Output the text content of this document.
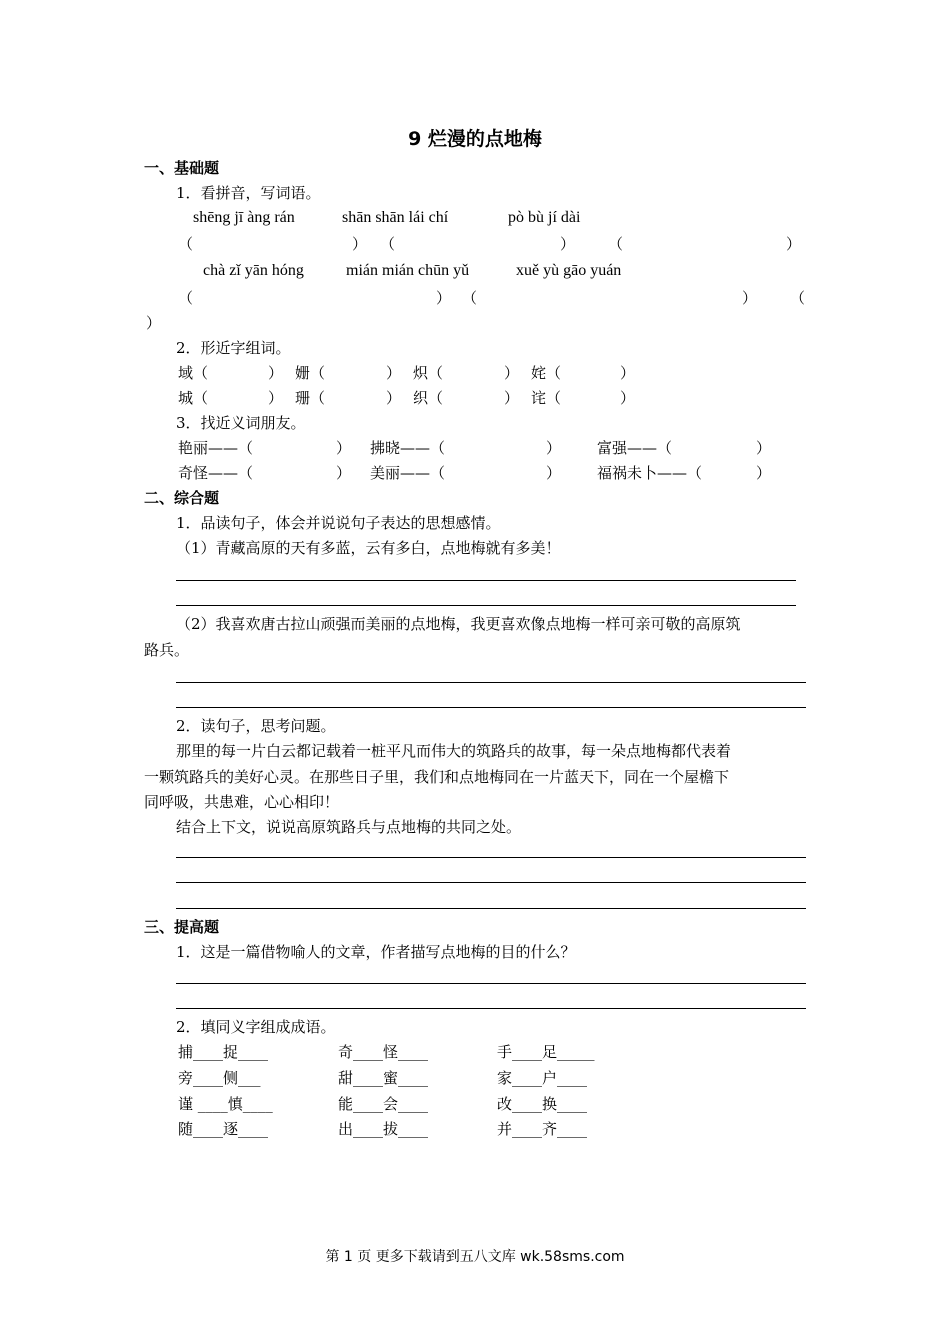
9 烂漫的点地梅
一、基础题
1．看拼音，写词语。
shēng jī àng rán	shān shān lái chí	pò bù jí dài
（	） （	） （	）
chà zǐ yān hóng	mián mián chūn yǔ	xuě yù gāo yuán
（	） （	） （
）
2．形近字组词。
域（	） 姗（	） 炽（	） 姹（	）
城（	） 珊（	） 织（	） 诧（	）
3．找近义词朋友。
艳丽——（	） 拂晓——（	） 富强——（	）
奇怪——（	） 美丽——（	） 福祸未卜——（	）
二、综合题
1．品读句子，体会并说说句子表达的思想感情。
（1）青藏高原的天有多蓝，云有多白，点地梅就有多美！
（2）我喜欢唐古拉山顽强而美丽的点地梅，我更喜欢像点地梅一样可亲可敬的高原筑
路兵。
2．读句子，思考问题。
那里的每一片白云都记载着一桩平凡而伟大的筑路兵的故事，每一朵点地梅都代表着
一颗筑路兵的美好心灵。在那些日子里，我们和点地梅同在一片蓝天下，同在一个屋檐下
同呼吸，共患难，心心相印！
结合上下文，说说高原筑路兵与点地梅的共同之处。
三、提高题
1．这是一篇借物喻人的文章，作者描写点地梅的目的什么？
2．填同义字组成成语。
捕____捉____	奇____怪____	手____足_____
旁____侧___	甜____蜜____	家____户____
谨 ____慎____	能____会____	改____换____
随____逐____	出____拔____	并____齐____
第 1 页 更多下载请到五八文库 wk.58sms.com
